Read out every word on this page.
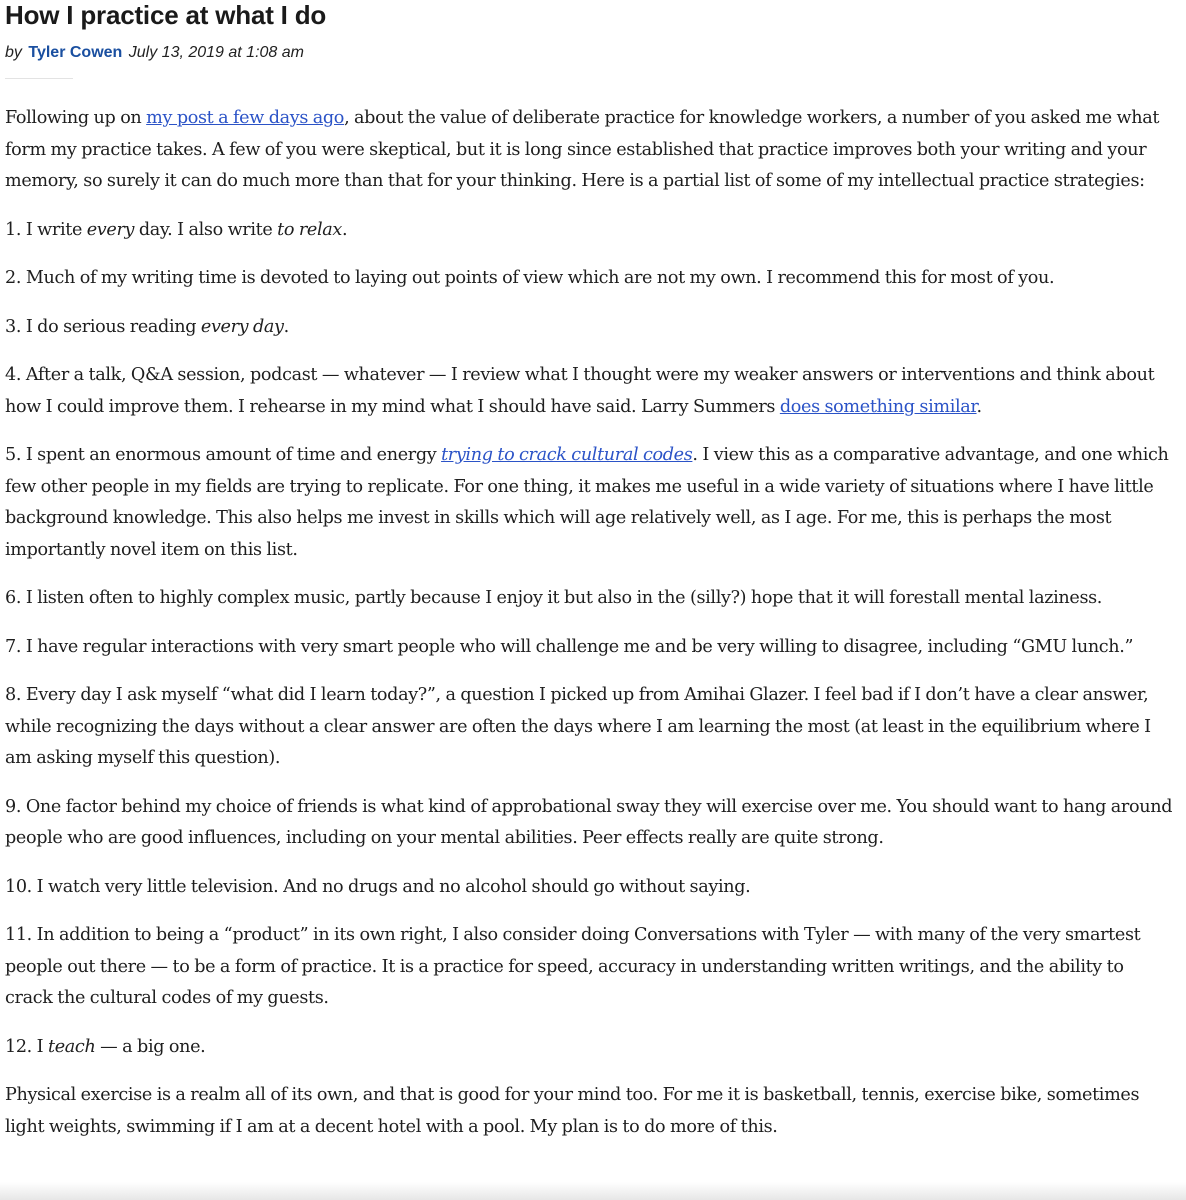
How I practice at what I do
by Tyler Cowen July 13, 2019 at 1:08 am

Following up on my post a few days ago, about the value of deliberate practice for knowledge workers, a number of you asked me what form my practice takes. A few of you were skeptical, but it is long since established that practice improves both your writing and your memory, so surely it can do much more than that for your thinking. Here is a partial list of some of my intellectual practice strategies:

1. I write every day. I also write to relax.

2. Much of my writing time is devoted to laying out points of view which are not my own. I recommend this for most of you.

3. I do serious reading every day.

4. After a talk, Q&A session, podcast — whatever — I review what I thought were my weaker answers or interventions and think about how I could improve them. I rehearse in my mind what I should have said. Larry Summers does something similar.

5. I spent an enormous amount of time and energy trying to crack cultural codes. I view this as a comparative advantage, and one which few other people in my fields are trying to replicate. For one thing, it makes me useful in a wide variety of situations where I have little background knowledge. This also helps me invest in skills which will age relatively well, as I age. For me, this is perhaps the most importantly novel item on this list.

6. I listen often to highly complex music, partly because I enjoy it but also in the (silly?) hope that it will forestall mental laziness.

7. I have regular interactions with very smart people who will challenge me and be very willing to disagree, including “GMU lunch.”

8. Every day I ask myself “what did I learn today?”, a question I picked up from Amihai Glazer. I feel bad if I don’t have a clear answer, while recognizing the days without a clear answer are often the days where I am learning the most (at least in the equilibrium where I am asking myself this question).

9. One factor behind my choice of friends is what kind of approbational sway they will exercise over me. You should want to hang around people who are good influences, including on your mental abilities. Peer effects really are quite strong.

10. I watch very little television. And no drugs and no alcohol should go without saying.

11. In addition to being a “product” in its own right, I also consider doing Conversations with Tyler — with many of the very smartest people out there — to be a form of practice. It is a practice for speed, accuracy in understanding written writings, and the ability to crack the cultural codes of my guests.

12. I teach — a big one.

Physical exercise is a realm all of its own, and that is good for your mind too. For me it is basketball, tennis, exercise bike, sometimes light weights, swimming if I am at a decent hotel with a pool. My plan is to do more of this.
